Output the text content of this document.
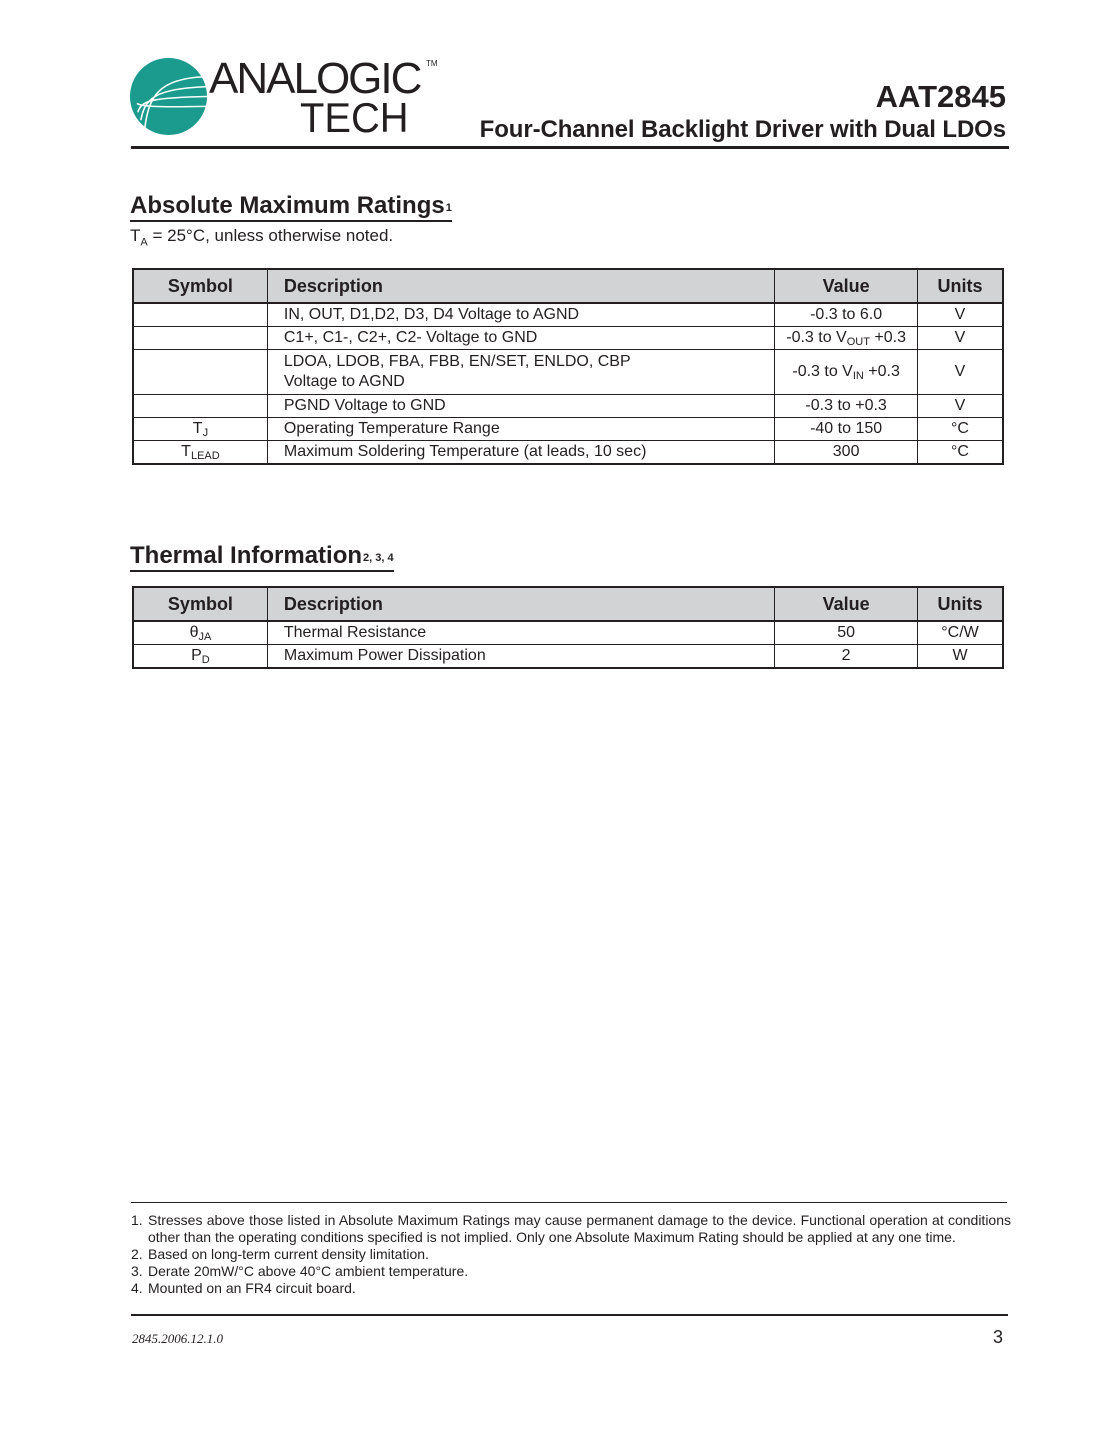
ANALOGIC TM
TECH	AAT2845
Four-Channel Backlight Driver with Dual LDOs
Absolute Maximum Ratings$^1$
$T_A = 25^\circ C$, unless otherwise noted.
Symbol	Description	Value	Units
	IN, OUT, D1,D2, D3, D4 Voltage to AGND	-0.3 to 6.0	V
	C1+, C1-, C2+, C2- Voltage to GND	-0.3 to $V_{OUT} +0.3$	V

	LDOA, LDOB, FBA, FBB, EN/SET, ENLDO, CBP
Voltage to AGND	-0.3 to $V_{IN} +0.3$	V
	PGND Voltage to GND	-0.3 to +0.3	V
$T_J$	Operating Temperature Range	-40 to 150	°C
$T_{LEAD}$	Maximum Soldering Temperature (at leads, 10 sec)	300	°C
Thermal Information$^{2, 3, 4}$
Symbol	Description	Value	Units
$\theta_{JA}$	Thermal Resistance	50	°C/W
$P_D$	Maximum Power Dissipation	2	W
1. Stresses above those listed in Absolute Maximum Ratings may cause permanent damage to the device. Functional operation at conditions other than the operating conditions specified is not implied. Only one Absolute Maximum Rating should be applied at any one time.
2. Based on long-term current density limitation.
3. Derate 20mW/°C above 40°C ambient temperature.
4. Mounted on an FR4 circuit board.
2845.2006.12.1.0	3
